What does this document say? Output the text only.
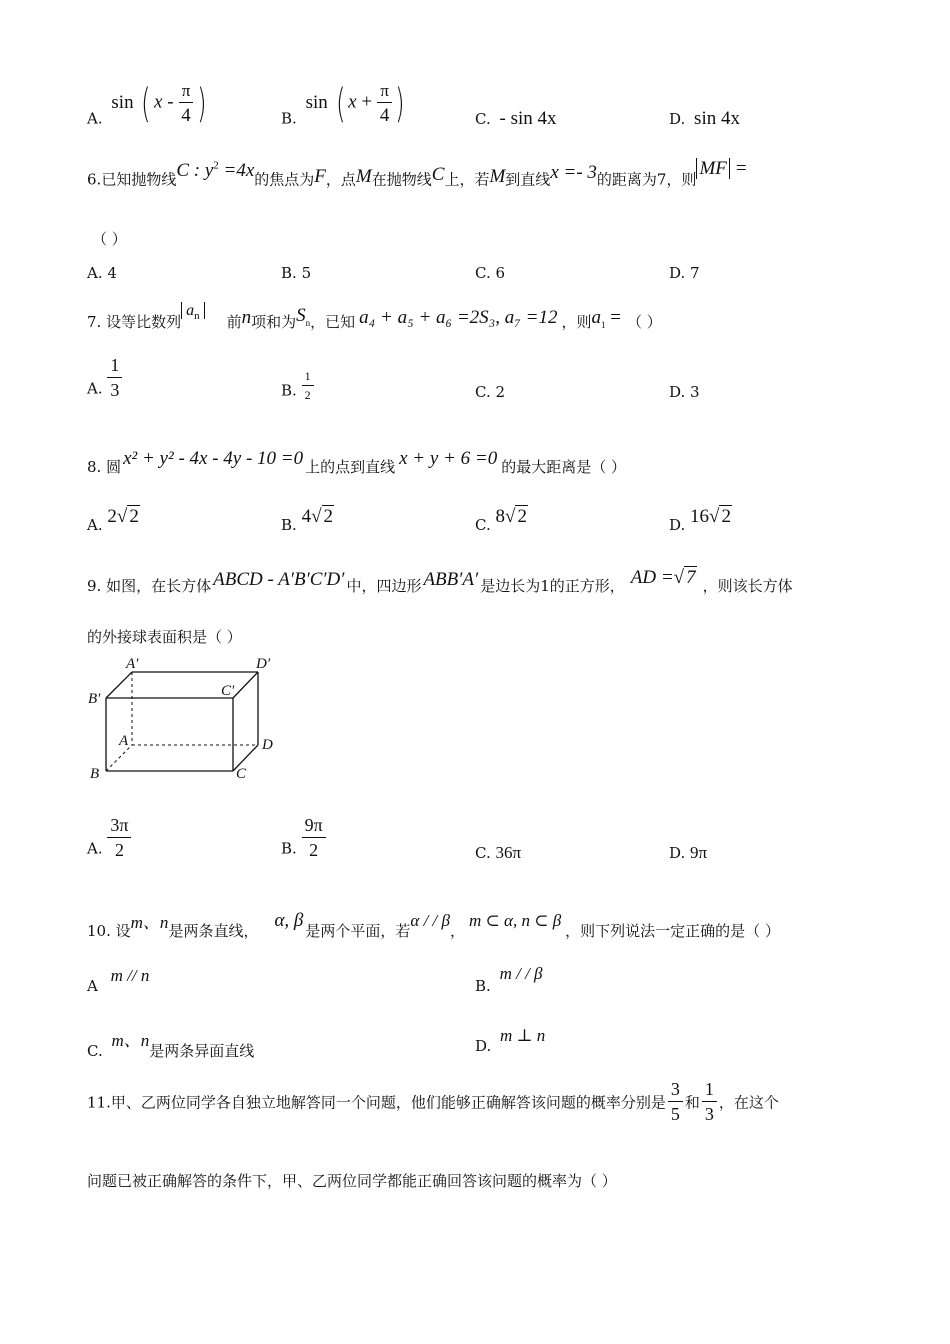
A. sin ( x - $\frac{\pi}{4}$ )	B. sin ( $x + \frac{\pi}{4}$ )	C. - sin 4x	D. sin 4x
6.已知抛物线C : $y^2 =4x$的焦点为F，点M在抛物线C上，若M到直线x =- 3的距离为7，则 MF =
（ ）
A. 4	B. 5	C. 6	D. 7
7. 设等比数列$a_n$ 前n项和为$S_n$，已知 a₄ + a₅ + a₆ =2S₃, a₇ =12 ，则$a_1$ = （ ）
A. $\frac{1}{3}$	B. $\frac{1}{2}$	C. 2	D. 3
8. 圆 x² + y² - 4x - 4y - 10 =0 上的点到直线 x + y + 6 =0 的最大距离是（ ）
A. 2√ 2	B. 4√ 2	C. 8√ 2	D. 16√ 2
9. 如图，在长方体 ABCD - A′B′C′D′ 中，四边形 ABB′A′ 是边长为1的正方形， AD =√ 7 ，则该长方体
的外接球表面积是（ ）
A′	D′
B′	C′
A	D
B	C
A. $\frac{3\pi}{2}$	B. $\frac{9\pi}{2}$	C. 36π	D. 9π
10. 设m、n是两条直线， α, β 是两个平面，若α / / β，m ⊂ α, n ⊂ β，则下列说法一定正确的是（ ）
A m // n
B. m / / β
C. m、n是两条异面直线	D. m ⊥ n
11.甲、乙两位同学各自独立地解答同一个问题，他们能够正确解答该问题的概率分别是 $\frac{3}{5}$ 和 $\frac{1}{3}$ ，在这个
问题已被正确解答的条件下，甲、乙两位同学都能正确回答该问题的概率为（ ）
